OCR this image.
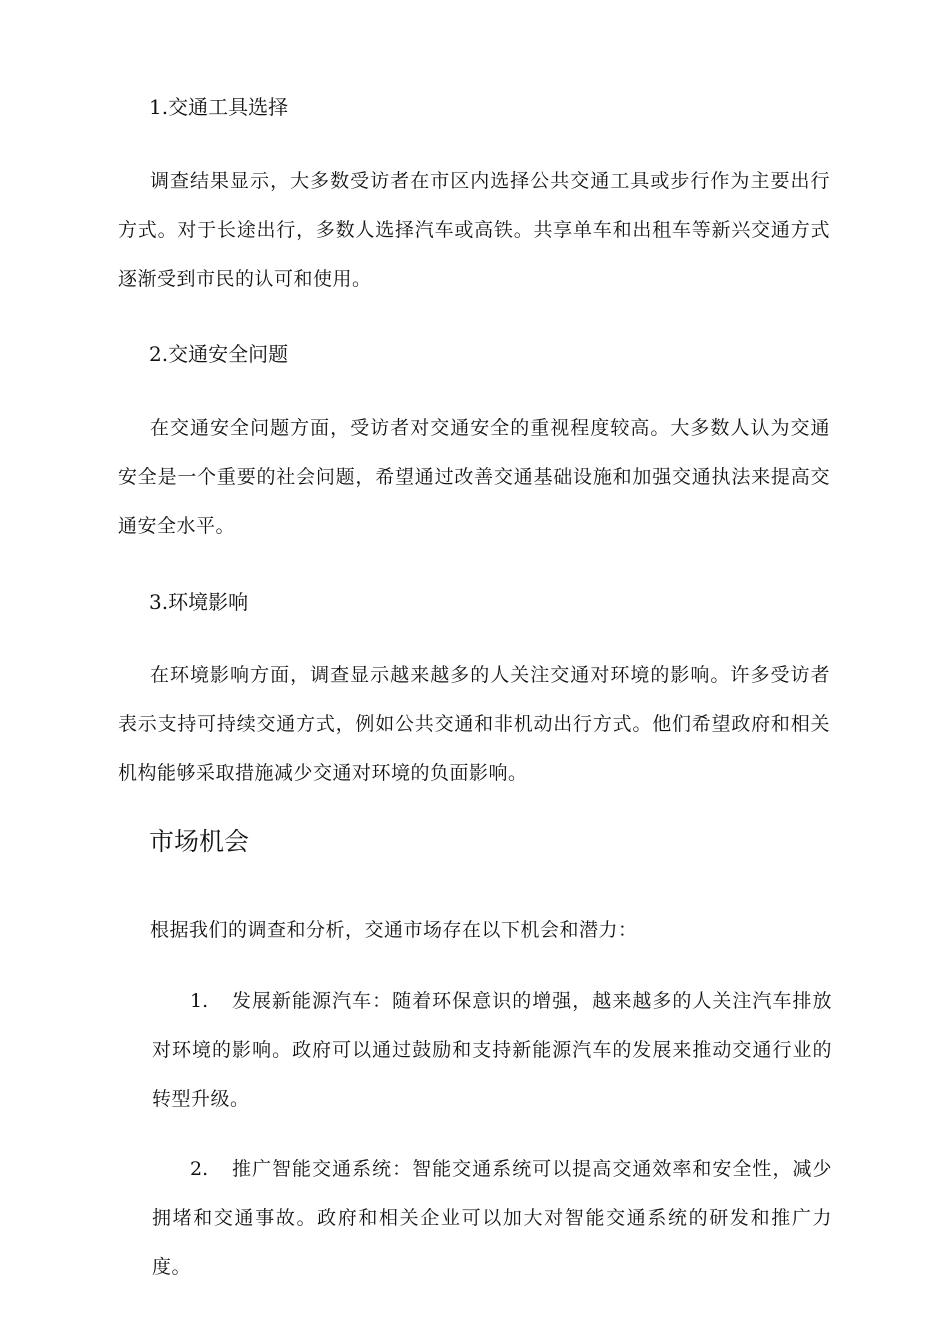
1.交通工具选择
调查结果显示，大多数受访者在市区内选择公共交通工具或步行作为主要出行方式。对于长途出行，多数人选择汽车或高铁。共享单车和出租车等新兴交通方式逐渐受到市民的认可和使用。
2.交通安全问题
在交通安全问题方面，受访者对交通安全的重视程度较高。大多数人认为交通安全是一个重要的社会问题，希望通过改善交通基础设施和加强交通执法来提高交通安全水平。
3.环境影响
在环境影响方面，调查显示越来越多的人关注交通对环境的影响。许多受访者表示支持可持续交通方式，例如公共交通和非机动出行方式。他们希望政府和相关机构能够采取措施减少交通对环境的负面影响。
市场机会
根据我们的调查和分析，交通市场存在以下机会和潜力：
1.	发展新能源汽车：随着环保意识的增强，越来越多的人关注汽车排放对环境的影响。政府可以通过鼓励和支持新能源汽车的发展来推动交通行业的转型升级。
2.	推广智能交通系统：智能交通系统可以提高交通效率和安全性，减少拥堵和交通事故。政府和相关企业可以加大对智能交通系统的研发和推广力度。
